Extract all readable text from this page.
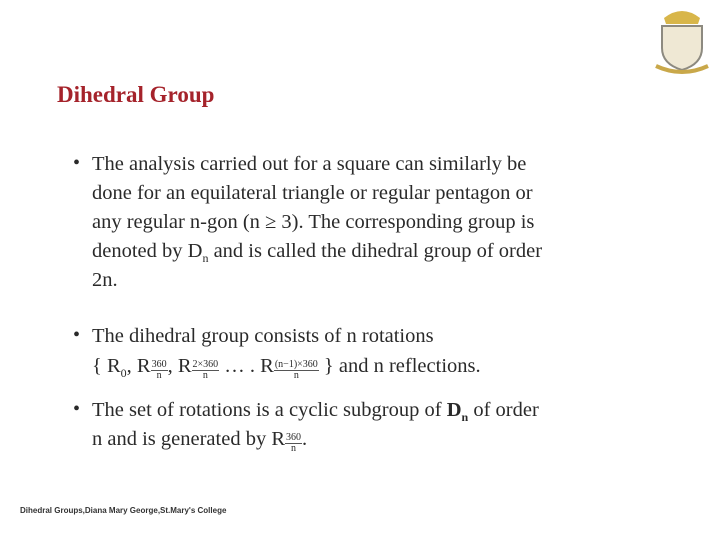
Dihedral Group
• The analysis carried out for a square can similarly be
done for an equilateral triangle or regular pentagon or
any regular n-gon (n ≥ 3). The corresponding group is
denoted by $D_n$ and is called the dihedral group of order
2n.
• The dihedral group consists of n rotations
{ $R_0$, R $\frac{360}{n}$ , R $\frac{2\times 360}{n}$ … . R $\frac{(n-1)\times 360}{n}$ } and n reflections.
• The set of rotations is a cyclic subgroup of $D_n$ of order
n and is generated by R $\frac{360}{n}$ .
Dihedral Groups,Diana Mary George,St.Mary's College
